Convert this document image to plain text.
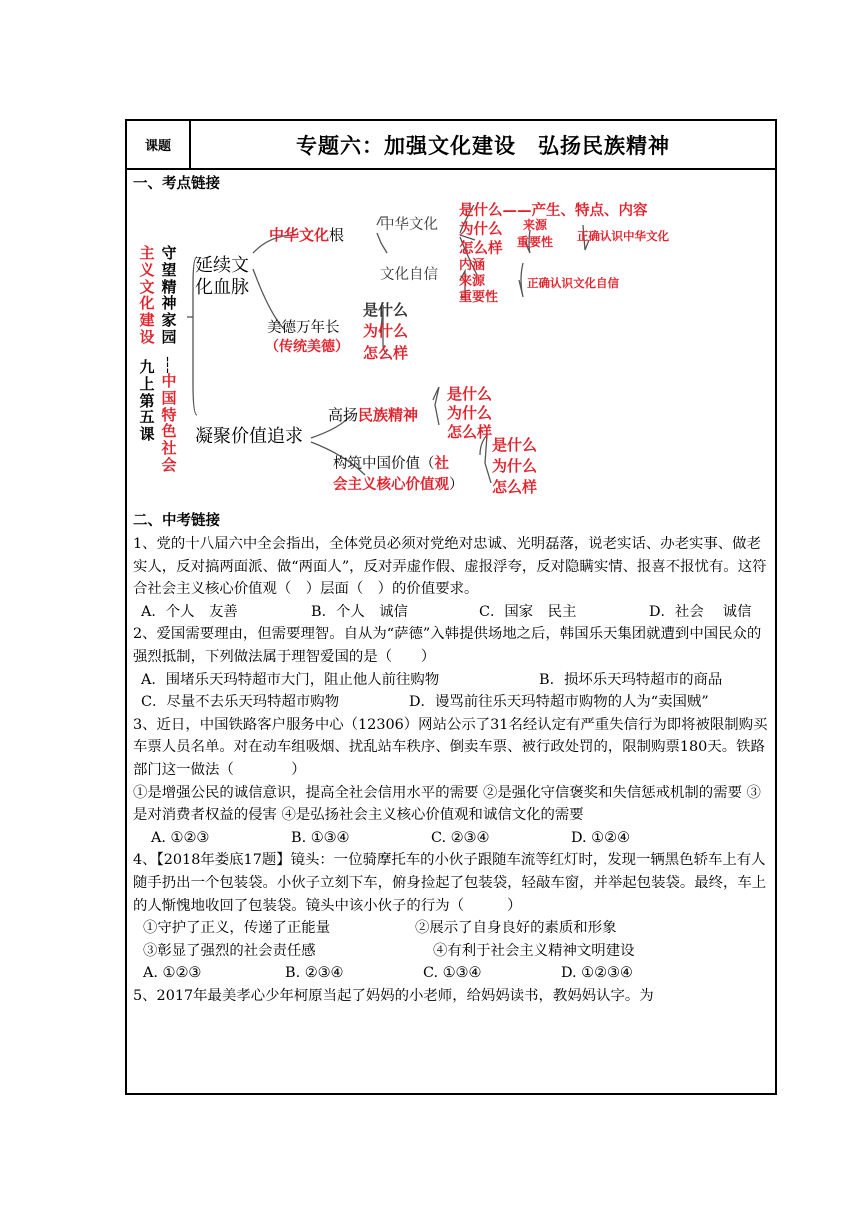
课题	专题六：加强文化建设　弘扬民族精神
一、考点链接
主义文化建设
守望精神家园
┆
中国特色社会
九上第五课
延续文化血脉
中华文化根
中华文化
是什么——产生、特点、内容
为什么
怎么样
来源
重要性 正确认识中华文化
文化自信
内涵
来源
重要性
正确认识文化自信
美德万年长
（传统美德）
是什么
为什么
怎么样
凝聚价值追求
高扬民族精神
是什么
为什么
怎么样
构筑中国价值（社
会主义核心价值观）
是什么
为什么
怎么样
二、中考链接

1、党的十八届六中全会指出，全体党员必须对党绝对忠诚、光明磊落，说老实话、办老实事、做老实人，反对搞两面派、做“两面人”，反对弄虚作假、虚报浮夸，反对隐瞒实情、报喜不报忧有。这符合社会主义核心价值观（　）层面（　）的价值要求。

A．个人　友善	B．个人　诚信	C．国家　民主	D．社会　 诚信

2、爱国需要理由，但需要理智。自从为“萨德”入韩提供场地之后，韩国乐天集团就遭到中国民众的强烈抵制，下列做法属于理智爱国的是（　　）

A．围堵乐天玛特超市大门，阻止他人前往购物	B．损坏乐天玛特超市的商品
C．尽量不去乐天玛特超市购物	D．谩骂前往乐天玛特超市购物的人为“卖国贼”

3、近日，中国铁路客户服务中心（12306）网站公示了31名经认定有严重失信行为即将被限制购买车票人员名单。对在动车组吸烟、扰乱站车秩序、倒卖车票、被行政处罚的，限制购票180天。铁路部门这一做法（　　　　）

①是增强公民的诚信意识，提高全社会信用水平的需要 ②是强化守信褒奖和失信惩戒机制的需要 ③是对消费者权益的侵害 ④是弘扬社会主义核心价值观和诚信文化的需要

A. ①②③	B. ①③④	C. ②③④	D. ①②④

4、【2018年娄底17题】镜头：一位骑摩托车的小伙子跟随车流等红灯时，发现一辆黑色轿车上有人随手扔出一个包装袋。小伙子立刻下车，俯身捡起了包装袋，轻敲车窗，并举起包装袋。最终，车上的人惭愧地收回了包装袋。镜头中该小伙子的行为（　　　）

①守护了正义，传递了正能量	②展示了自身良好的素质和形象
③彰显了强烈的社会责任感	④有利于社会主义精神文明建设
A. ①②③	B. ②③④	C. ①③④	D. ①②③④

5、2017年最美孝心少年柯原当起了妈妈的小老师，给妈妈读书，教妈妈认字。为
